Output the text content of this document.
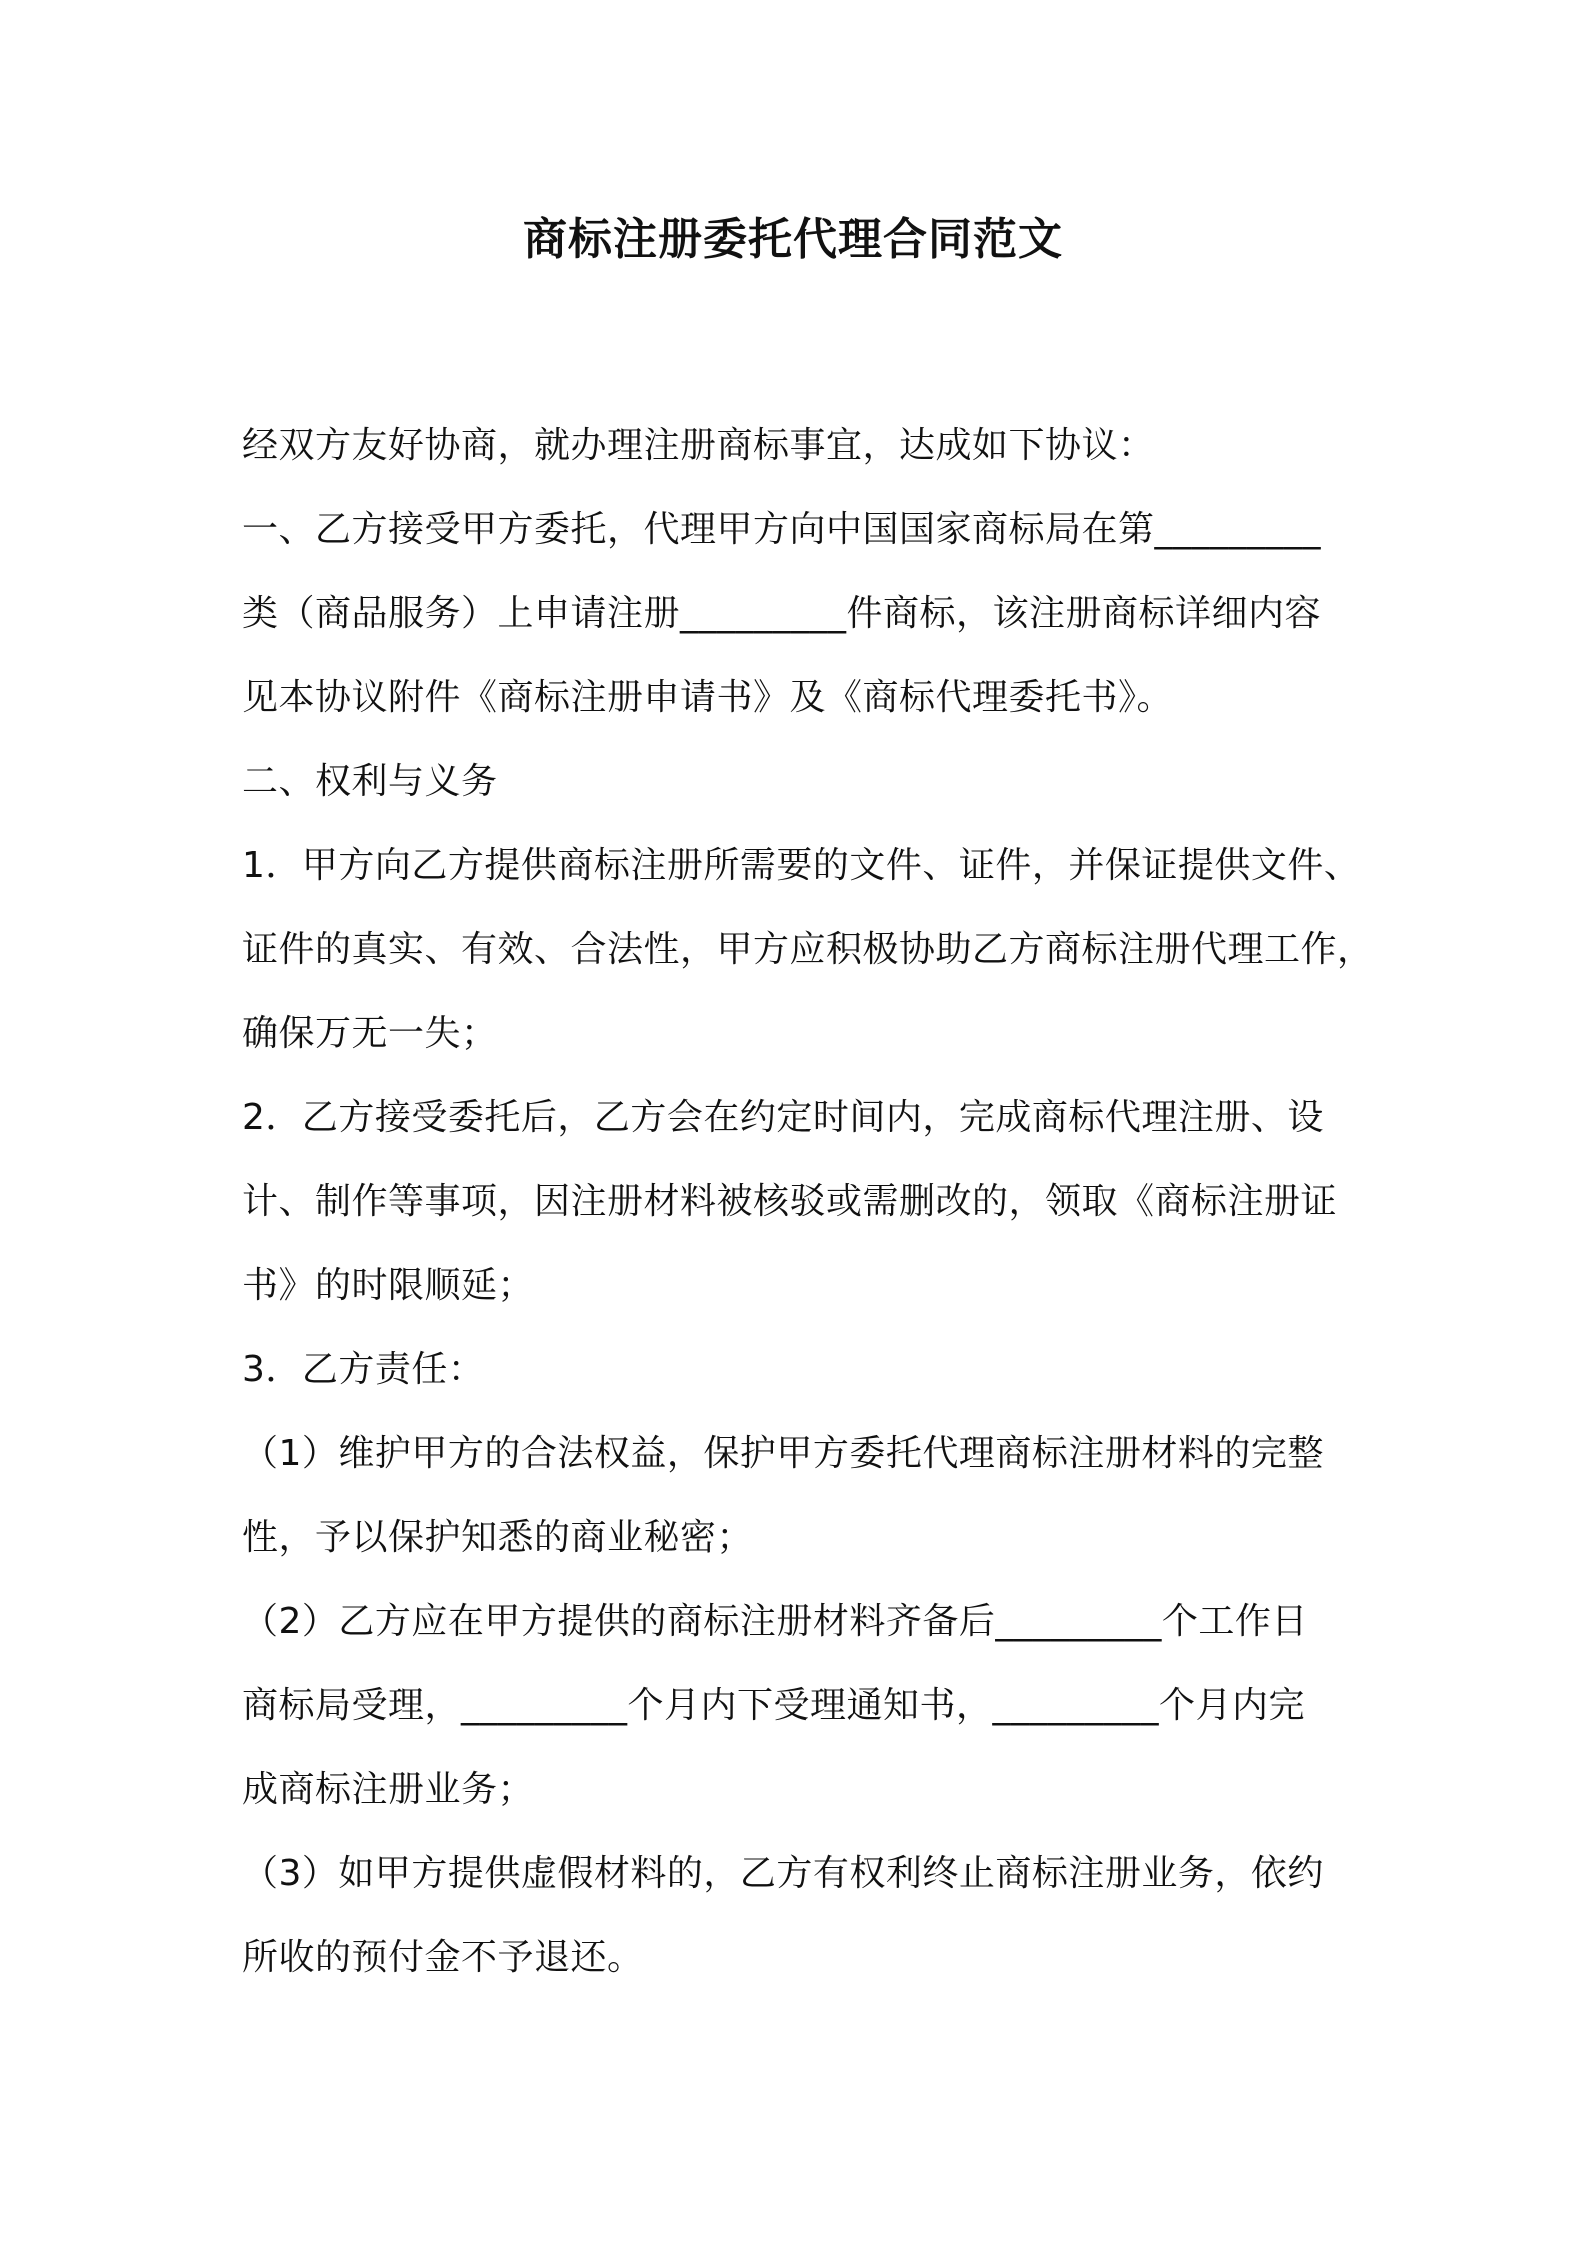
商标注册委托代理合同范文
经双方友好协商，就办理注册商标事宜，达成如下协议：
一、乙方接受甲方委托，代理甲方向中国国家商标局在第_________
类（商品服务）上申请注册_________件商标，该注册商标详细内容
见本协议附件《商标注册申请书》及《商标代理委托书》。
二、权利与义务
1．甲方向乙方提供商标注册所需要的文件、证件，并保证提供文件、
证件的真实、有效、合法性，甲方应积极协助乙方商标注册代理工作，
确保万无一失；
2．乙方接受委托后，乙方会在约定时间内，完成商标代理注册、设
计、制作等事项，因注册材料被核驳或需删改的，领取《商标注册证
书》的时限顺延；
3．乙方责任：
（1）维护甲方的合法权益，保护甲方委托代理商标注册材料的完整
性，予以保护知悉的商业秘密；
（2）乙方应在甲方提供的商标注册材料齐备后_________个工作日
商标局受理，_________个月内下受理通知书，_________个月内完
成商标注册业务；
（3）如甲方提供虚假材料的，乙方有权利终止商标注册业务，依约
所收的预付金不予退还。
